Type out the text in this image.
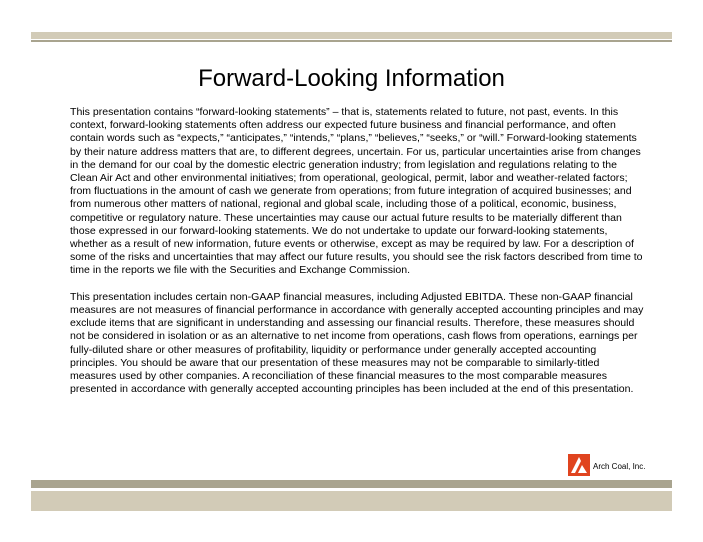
Forward-Looking Information

This presentation contains “forward-looking statements” – that is, statements related to future, not past, events. In this context, forward-looking statements often address our expected future business and financial performance, and often contain words such as “expects,” “anticipates,” “intends,” “plans,” “believes,” “seeks,” or “will.” Forward-looking statements by their nature address matters that are, to different degrees, uncertain. For us, particular uncertainties arise from changes in the demand for our coal by the domestic electric generation industry; from legislation and regulations relating to the Clean Air Act and other environmental initiatives; from operational, geological, permit, labor and weather-related factors; from fluctuations in the amount of cash we generate from operations; from future integration of acquired businesses; and from numerous other matters of national, regional and global scale, including those of a political, economic, business, competitive or regulatory nature. These uncertainties may cause our actual future results to be materially different than those expressed in our forward-looking statements. We do not undertake to update our forward-looking statements, whether as a result of new information, future events or otherwise, except as may be required by law. For a description of some of the risks and uncertainties that may affect our future results, you should see the risk factors described from time to time in the reports we file with the Securities and Exchange Commission.

This presentation includes certain non-GAAP financial measures, including Adjusted EBITDA. These non-GAAP financial measures are not measures of financial performance in accordance with generally accepted accounting principles and may exclude items that are significant in understanding and assessing our financial results. Therefore, these measures should not be considered in isolation or as an alternative to net income from operations, cash flows from operations, earnings per fully-diluted share or other measures of profitability, liquidity or performance under generally accepted accounting principles. You should be aware that our presentation of these measures may not be comparable to similarly-titled measures used by other companies. A reconciliation of these financial measures to the most comparable measures presented in accordance with generally accepted accounting principles has been included at the end of this presentation.

Arch Coal, Inc.
